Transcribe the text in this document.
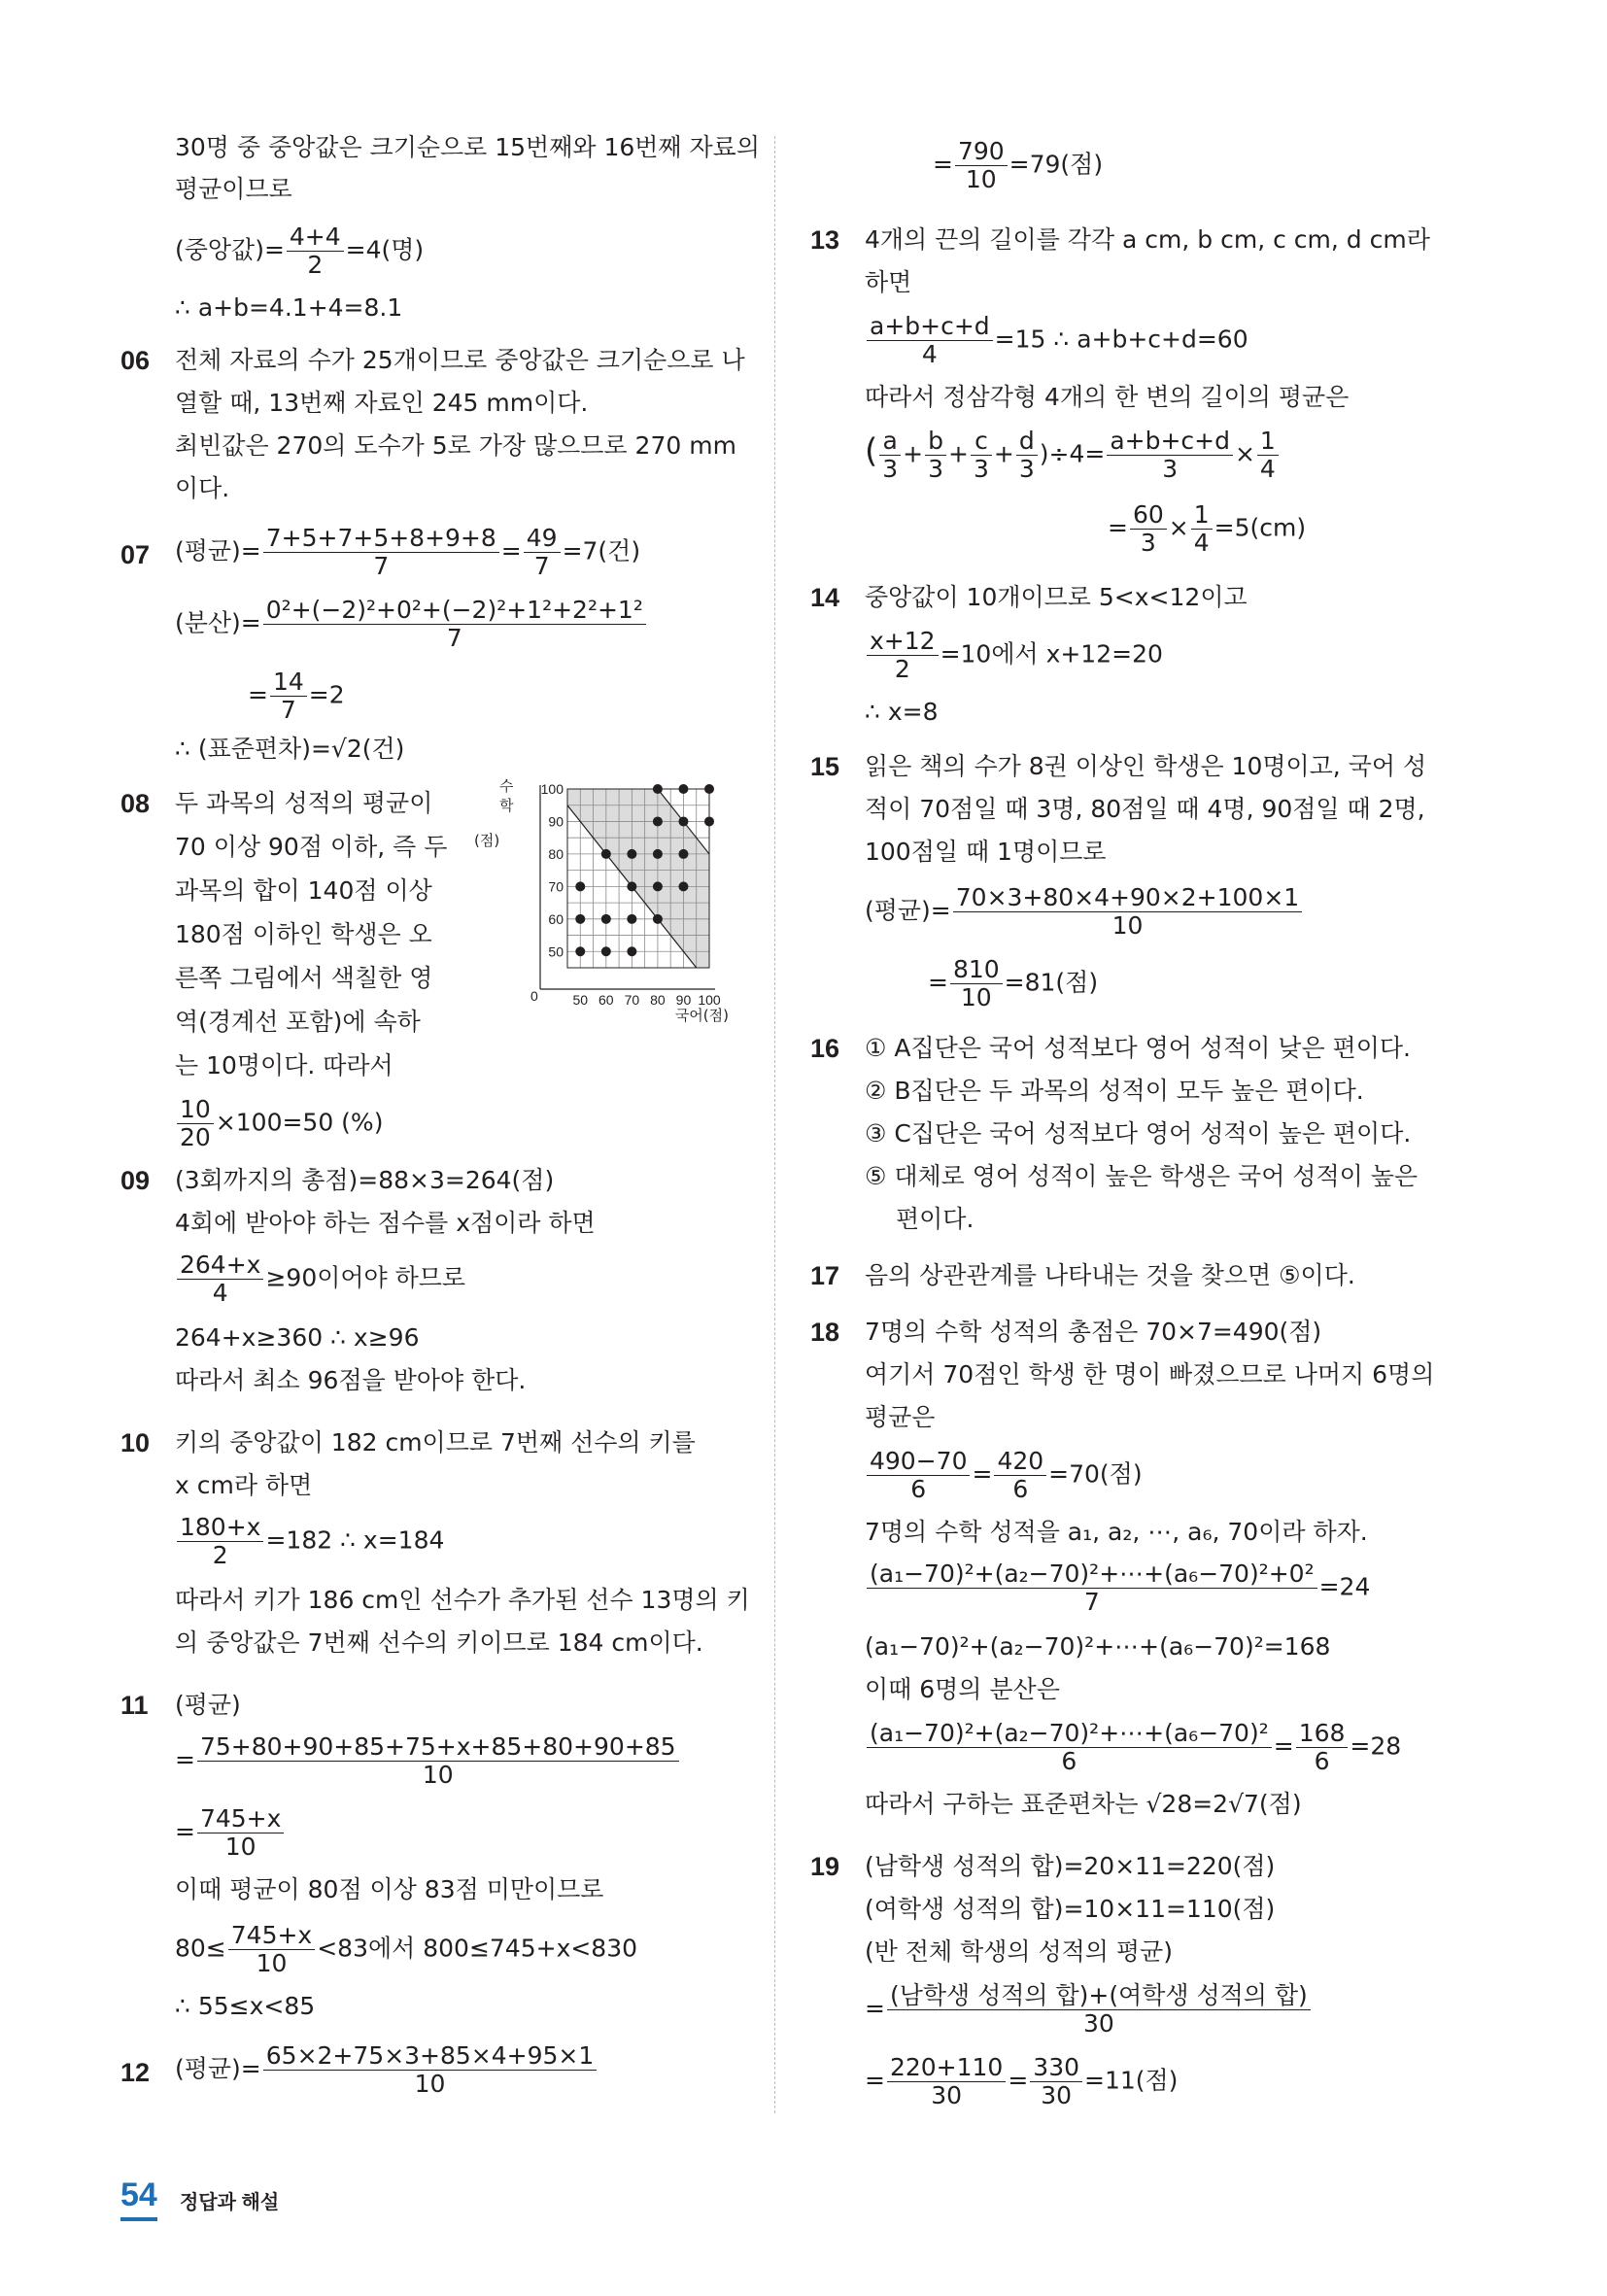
30명 중 중앙값은 크기순으로 15번째와 16번째 자료의
평균이므로
(중앙값)= $\frac{4+4}{2} =4$(명)
∴ a+b=4.1+4=8.1
06 전체 자료의 수가 25개이므로 중앙값은 크기순으로 나
열할 때, 13번째 자료인 245 mm이다.
최빈값은 270의 도수가 5로 가장 많으므로 270 mm
이다.
07 (평균)= $\frac{7+5+7+5+8+9+8}{7} = \frac{49}{7} =7$(건)
(분산)= $\frac{\text{0²+(−2)²+0²+(−2)²+1²+2²+1²}}{7}$
= $\frac{14}{7} =2$
∴ (표준편차)=√2(건)
08 두 과목의 성적의 평균이
70 이상 90점 이하, 즉 두
과목의 합이 140점 이상
180점 이하인 학생은 오
른쪽 그림에서 색칠한 영
역(경계선 포함)에 속하
는 10명이다. 따라서
$\frac{10}{20} \times 100=50$ (%)
50 60 70 80 90 100
50
60
70
80
90
100
0
수
학
(점)
국어(점)
09 (3회까지의 총점)=88×3=264(점)
4회에 받아야 하는 점수를 x점이라 하면
$\frac{264+x}{4} \ge 90$이어야 하므로
264+x≥360 ∴ x≥96
따라서 최소 96점을 받아야 한다.
10 키의 중앙값이 182 cm이므로 7번째 선수의 키를
x cm라 하면
$\frac{180+x}{2} =182$ ∴ x=184
따라서 키가 186 cm인 선수가 추가된 선수 13명의 키
의 중앙값은 7번째 선수의 키이므로 184 cm이다.
11 (평균)
= $\frac{75+80+90+85+75+x+85+80+90+85}{10}$
= $\frac{745+x}{10}$
이때 평균이 80점 이상 83점 미만이므로
$80\le \frac{745+x}{10} <83$에서 800≤745+x<830
∴ 55≤x<85
12 (평균)= $\frac{65\times 2+75\times 3+85\times 4+95\times 1}{10}$
= $\frac{790}{10} =79$(점)
13 4개의 끈의 길이를 각각 a cm, b cm, c cm, d cm라
하면
$\frac{a+b+c+d}{4} =15$ ∴ a+b+c+d=60
따라서 정삼각형 4개의 한 변의 길이의 평균은
( $\frac{a}{3} + \frac{b}{3} + \frac{c}{3} + \frac{d}{3} )\div 4= \frac{a+b+c+d}{3} \times \frac{1}{4}$
= $\frac{60}{3} \times \frac{1}{4} =5(cm)$
14 중앙값이 10개이므로 5<x<12이고
$\frac{x+12}{2} =10$에서 x+12=20
∴ x=8
15 읽은 책의 수가 8권 이상인 학생은 10명이고, 국어 성
적이 70점일 때 3명, 80점일 때 4명, 90점일 때 2명,
100점일 때 1명이므로
(평균)= $\frac{70\times 3+80\times 4+90\times 2+100\times 1}{10}$
= $\frac{810}{10} =81$(점)
16 ① A집단은 국어 성적보다 영어 성적이 낮은 편이다.
② B집단은 두 과목의 성적이 모두 높은 편이다.
③ C집단은 국어 성적보다 영어 성적이 높은 편이다.
⑤ 대체로 영어 성적이 높은 학생은 국어 성적이 높은
편이다.
17 음의 상관관계를 나타내는 것을 찾으면 ⑤이다.
18 7명의 수학 성적의 총점은 70×7=490(점)
여기서 70점인 학생 한 명이 빠졌으므로 나머지 6명의
평균은
$\frac{490-70}{6} = \frac{420}{6} =70$(점)
7명의 수학 성적을 a₁, a₂, ⋯, a₆, 70이라 하자.
$\frac{\text{(a₁−70)²+(a₂−70)²+⋯+(a₆−70)²+0²}}{7} =24$
(a₁−70)²+(a₂−70)²+⋯+(a₆−70)²=168
이때 6명의 분산은
$\frac{\text{(a₁−70)²+(a₂−70)²+⋯+(a₆−70)²}}{6} = \frac{168}{6} =28$
따라서 구하는 표준편차는 √28=2√7(점)
19 (남학생 성적의 합)=20×11=220(점)
(여학생 성적의 합)=10×11=110(점)
(반 전체 학생의 성적의 평균)
= $\frac{\text{(남학생 성적의 합)+(여학생 성적의 합)}}{30}$
= $\frac{220+110}{30} = \frac{330}{30} =11$(점)
54 정답과 해설
